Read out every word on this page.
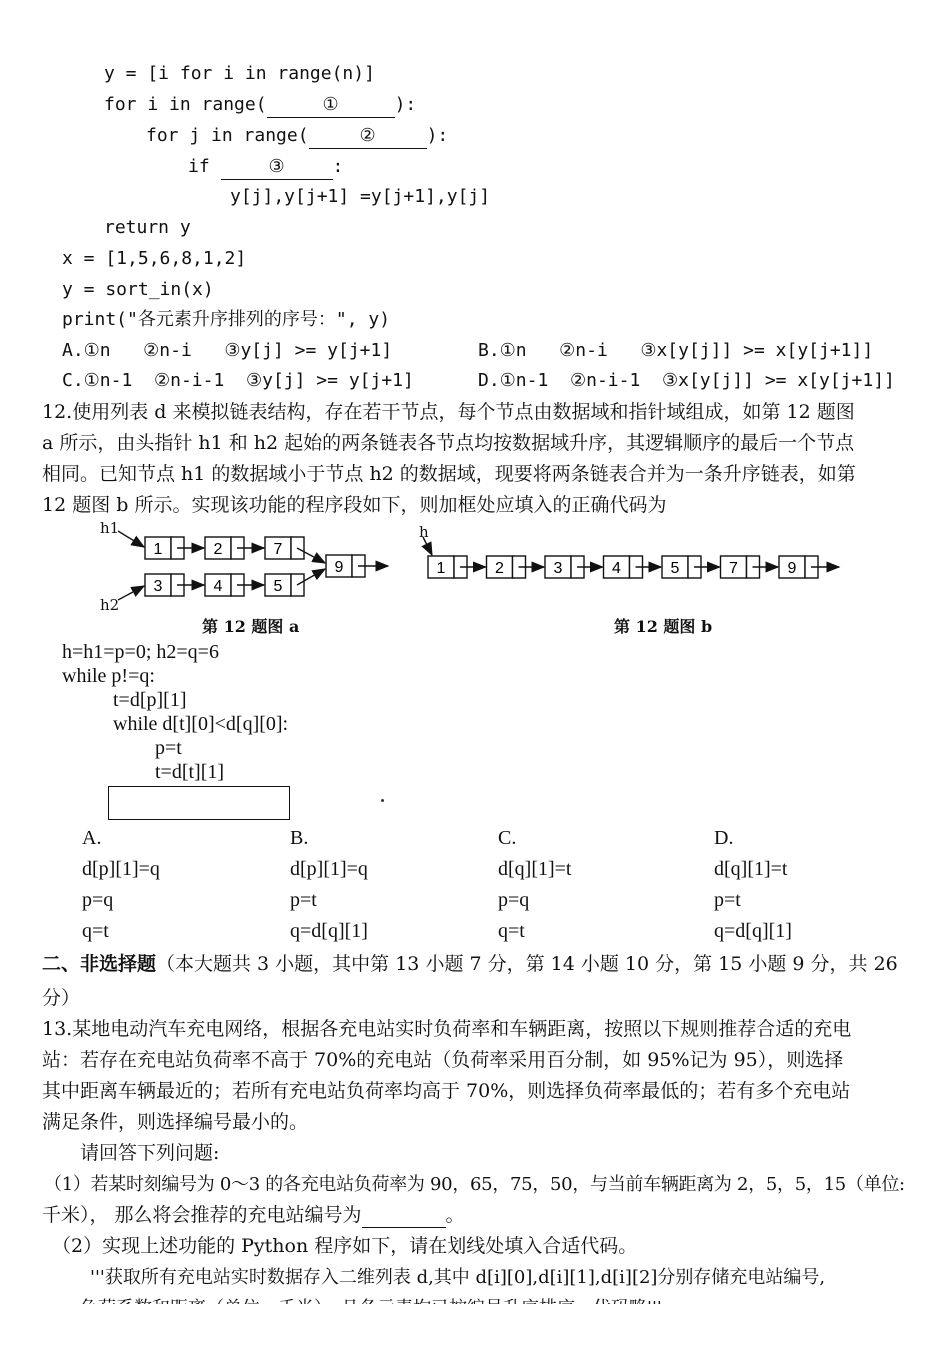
y = [i for i in range(n)]
for i in range(	①	):
for j in range(	②	):
if	③	:
y[j],y[j+1] =y[j+1],y[j]
return y
x = [1,5,6,8,1,2]
y = sort_in(x)
print("各元素升序排列的序号：", y)
A.①n   ②n-i   ③y[j] >= y[j+1]	B.①n   ②n-i   ③x[y[j]] >= x[y[j+1]]
C.①n-1  ②n-i-1  ③y[j] >= y[j+1]	D.①n-1  ②n-i-1  ③x[y[j]] >= x[y[j+1]]
12.使用列表 d 来模拟链表结构，存在若干节点，每个节点由数据域和指针域组成，如第 12 题图
a 所示，由头指针 h1 和 h2 起始的两条链表各节点均按数据域升序，其逻辑顺序的最后一个节点
相同。已知节点 h1 的数据域小于节点 h2 的数据域，现要将两条链表合并为一条升序链表，如第
12 题图 b 所示。实现该功能的程序段如下，则加框处应填入的正确代码为
1	2	7
3	4	5
9	1	2	3	4	5	7	9
h1
h2
h
第 12 题图 a	第 12 题图 b
h=h1=p=0; h2=q=6
while p!=q:
t=d[p][1]
while d[t][0]<d[q][0]:
p=t
t=d[t][1]
A.
d[p][1]=q
p=q
q=t
B.
d[p][1]=q
p=t
q=d[q][1]
C.
d[q][1]=t
p=q
q=t
D.
d[q][1]=t
p=t
q=d[q][1]
二、非选择题（本大题共 3 小题，其中第 13 小题 7 分，第 14 小题 10 分，第 15 小题 9 分，共 26
分）
13.某地电动汽车充电网络，根据各充电站实时负荷率和车辆距离，按照以下规则推荐合适的充电
站：若存在充电站负荷率不高于 70%的充电站（负荷率采用百分制，如 95%记为 95），则选择
其中距离车辆最近的；若所有充电站负荷率均高于 70%，则选择负荷率最低的；若有多个充电站
满足条件，则选择编号最小的。
请回答下列问题:
（1）若某时刻编号为 0～3 的各充电站负荷率为 90，65，75，50，与当前车辆距离为 2，5，5，15（单位:
千米）， 那么将会推荐的充电站编号为	。
（2）实现上述功能的 Python 程序如下，请在划线处填入合适代码。
'''获取所有充电站实时数据存入二维列表 d,其中 d[i][0],d[i][1],d[i][2]分别存储充电站编号,
